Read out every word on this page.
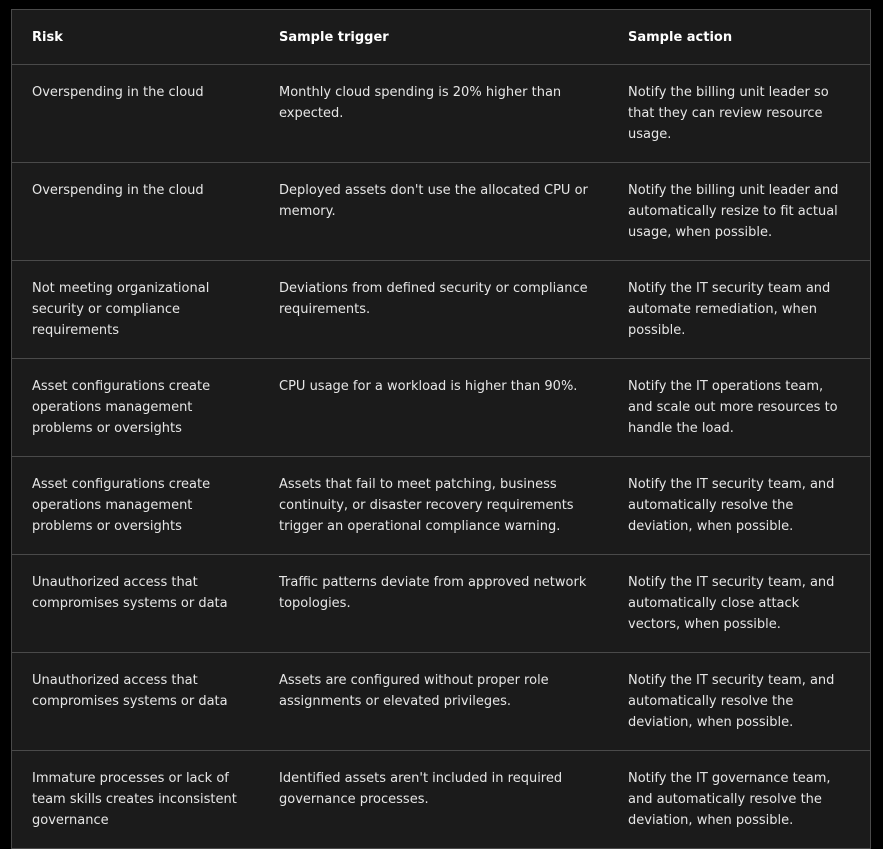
Risk	Sample trigger	Sample action
Overspending in the cloud	Monthly cloud spending is 20% higher than expected.	Notify the billing unit leader so that they can review resource usage.
Overspending in the cloud	Deployed assets don't use the allocated CPU or memory.	Notify the billing unit leader and automatically resize to fit actual usage, when possible.
Not meeting organizational security or compliance requirements	Deviations from defined security or compliance requirements.	Notify the IT security team and automate remediation, when possible.
Asset configurations create operations management problems or oversights	CPU usage for a workload is higher than 90%.	Notify the IT operations team, and scale out more resources to handle the load.
Asset configurations create operations management problems or oversights	Assets that fail to meet patching, business continuity, or disaster recovery requirements trigger an operational compliance warning.	Notify the IT security team, and automatically resolve the deviation, when possible.
Unauthorized access that compromises systems or data	Traffic patterns deviate from approved network topologies.	Notify the IT security team, and automatically close attack vectors, when possible.
Unauthorized access that compromises systems or data	Assets are configured without proper role assignments or elevated privileges.	Notify the IT security team, and automatically resolve the deviation, when possible.
Immature processes or lack of team skills creates inconsistent governance	Identified assets aren't included in required governance processes.	Notify the IT governance team, and automatically resolve the deviation, when possible.
